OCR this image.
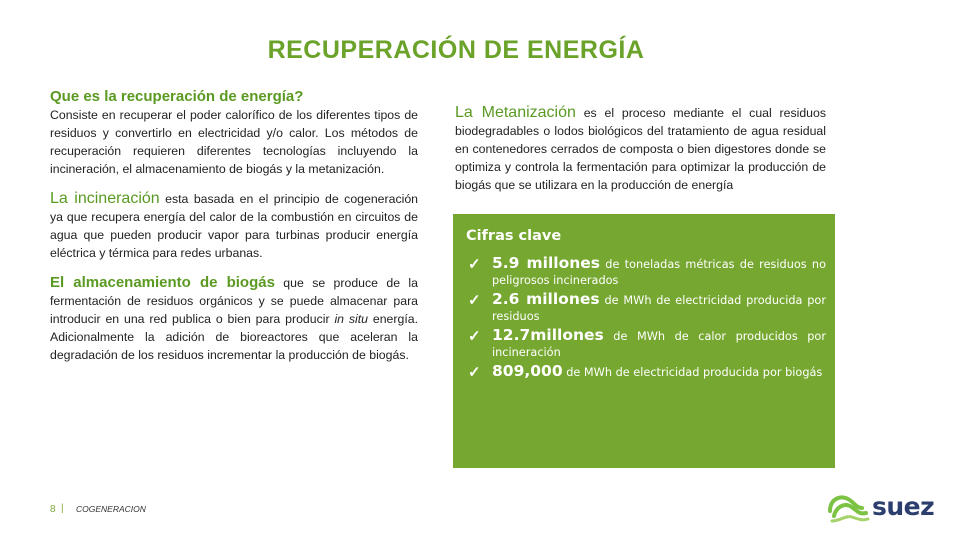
RECUPERACIÓN DE ENERGÍA
Que es la recuperación de energía?

Consiste en recuperar el poder calorífico de los diferentes tipos de residuos y convertirlo en electricidad y/o calor. Los métodos de recuperación requieren diferentes tecnologías incluyendo la incineración, el almacenamiento de biogás y la metanización.

La incineración esta basada en el principio de cogeneración ya que recupera energía del calor de la combustión en circuitos de agua que pueden producir vapor para turbinas producir energía eléctrica y térmica para redes urbanas.

El almacenamiento de biogás que se produce de la fermentación de residuos orgánicos y se puede almacenar para introducir en una red publica o bien para producir in situ energía. Adicionalmente la adición de bioreactores que aceleran la degradación de los residuos incrementar la producción de biogás.

La Metanización es el proceso mediante el cual residuos biodegradables o lodos biológicos del tratamiento de agua residual en contenedores cerrados de composta o bien digestores donde se optimiza y controla la fermentación para optimizar la producción de biogás que se utilizara en la producción de energía

Cifras clave
✓ 5.9 millones de toneladas métricas de residuos no peligrosos incinerados
✓ 2.6 millones de MWh de electricidad producida por residuos
✓ 12.7millones de MWh de calor producidos por incineración
✓ 809,000 de MWh de electricidad producida por biogás
8 | COGENERACION	suez
